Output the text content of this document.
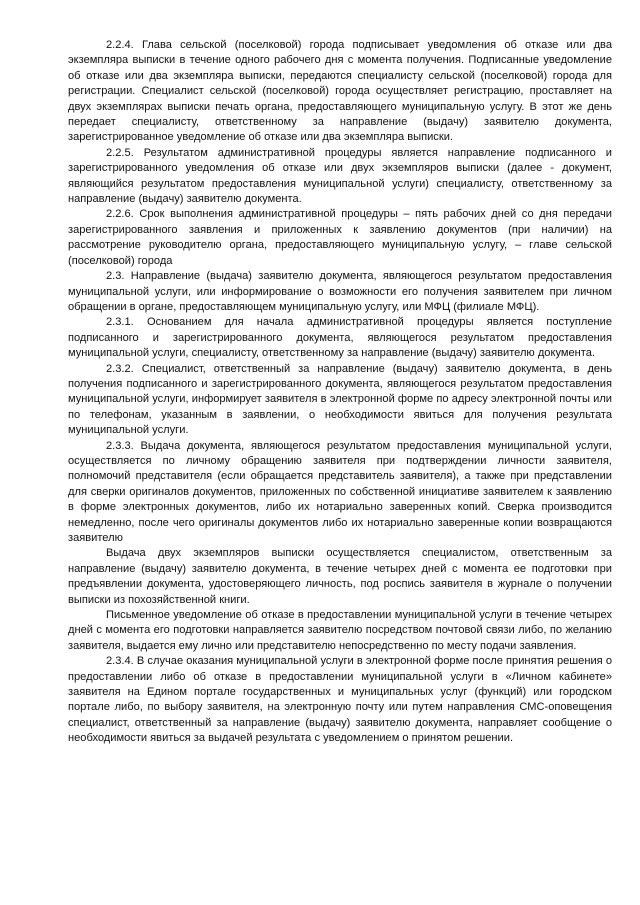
2.2.4. Глава сельской (поселковой) города подписывает уведомления об отказе или два экземпляра выписки в течение одного рабочего дня с момента получения. Подписанные уведомление об отказе или два экземпляра выписки, передаются специалисту сельской (поселковой) города для регистрации. Специалист сельской (поселковой) города осуществляет регистрацию, проставляет на двух экземплярах выписки печать органа, предоставляющего муниципальную услугу. В этот же день передает специалисту, ответственному за направление (выдачу) заявителю документа, зарегистрированное уведомление об отказе или два экземпляра выписки.

2.2.5. Результатом административной процедуры является направление подписанного и зарегистрированного уведомления об отказе или двух экземпляров выписки (далее - документ, являющийся результатом предоставления муниципальной услуги) специалисту, ответственному за направление (выдачу) заявителю документа.

2.2.6. Срок выполнения административной процедуры – пять рабочих дней со дня передачи зарегистрированного заявления и приложенных к заявлению документов (при наличии) на рассмотрение руководителю органа, предоставляющего муниципальную услугу, – главе сельской (поселковой) города

2.3. Направление (выдача) заявителю документа, являющегося результатом предоставления муниципальной услуги, или информирование о возможности его получения заявителем при личном обращении в органе, предоставляющем муниципальную услугу, или МФЦ (филиале МФЦ).

2.3.1. Основанием для начала административной процедуры является поступление подписанного и зарегистрированного документа, являющегося результатом предоставления муниципальной услуги, специалисту, ответственному за направление (выдачу) заявителю документа.

2.3.2. Специалист, ответственный за направление (выдачу) заявителю документа, в день получения подписанного и зарегистрированного документа, являющегося результатом предоставления муниципальной услуги, информирует заявителя в электронной форме по адресу электронной почты или по телефонам, указанным в заявлении, о необходимости явиться для получения результата муниципальной услуги.

2.3.3. Выдача документа, являющегося результатом предоставления муниципальной услуги, осуществляется по личному обращению заявителя при подтверждении личности заявителя, полномочий представителя (если обращается представитель заявителя), а также при представлении для сверки оригиналов документов, приложенных по собственной инициативе заявителем к заявлению в форме электронных документов, либо их нотариально заверенных копий. Сверка производится немедленно, после чего оригиналы документов либо их нотариально заверенные копии возвращаются заявителю

Выдача двух экземпляров выписки осуществляется специалистом, ответственным за направление (выдачу) заявителю документа, в течение четырех дней с момента ее подготовки при предъявлении документа, удостоверяющего личность, под роспись заявителя в журнале о получении выписки из похозяйственной книги.

Письменное уведомление об отказе в предоставлении муниципальной услуги в течение четырех дней с момента его подготовки направляется заявителю посредством почтовой связи либо, по желанию заявителя, выдается ему лично или представителю непосредственно по месту подачи заявления.

2.3.4. В случае оказания муниципальной услуги в электронной форме после принятия решения о предоставлении либо об отказе в предоставлении муниципальной услуги в «Личном кабинете» заявителя на Едином портале государственных и муниципальных услуг (функций) или городском портале либо, по выбору заявителя, на электронную почту или путем направления СМС-оповещения специалист, ответственный за направление (выдачу) заявителю документа, направляет сообщение о необходимости явиться за выдачей результата с уведомлением о принятом решении.
